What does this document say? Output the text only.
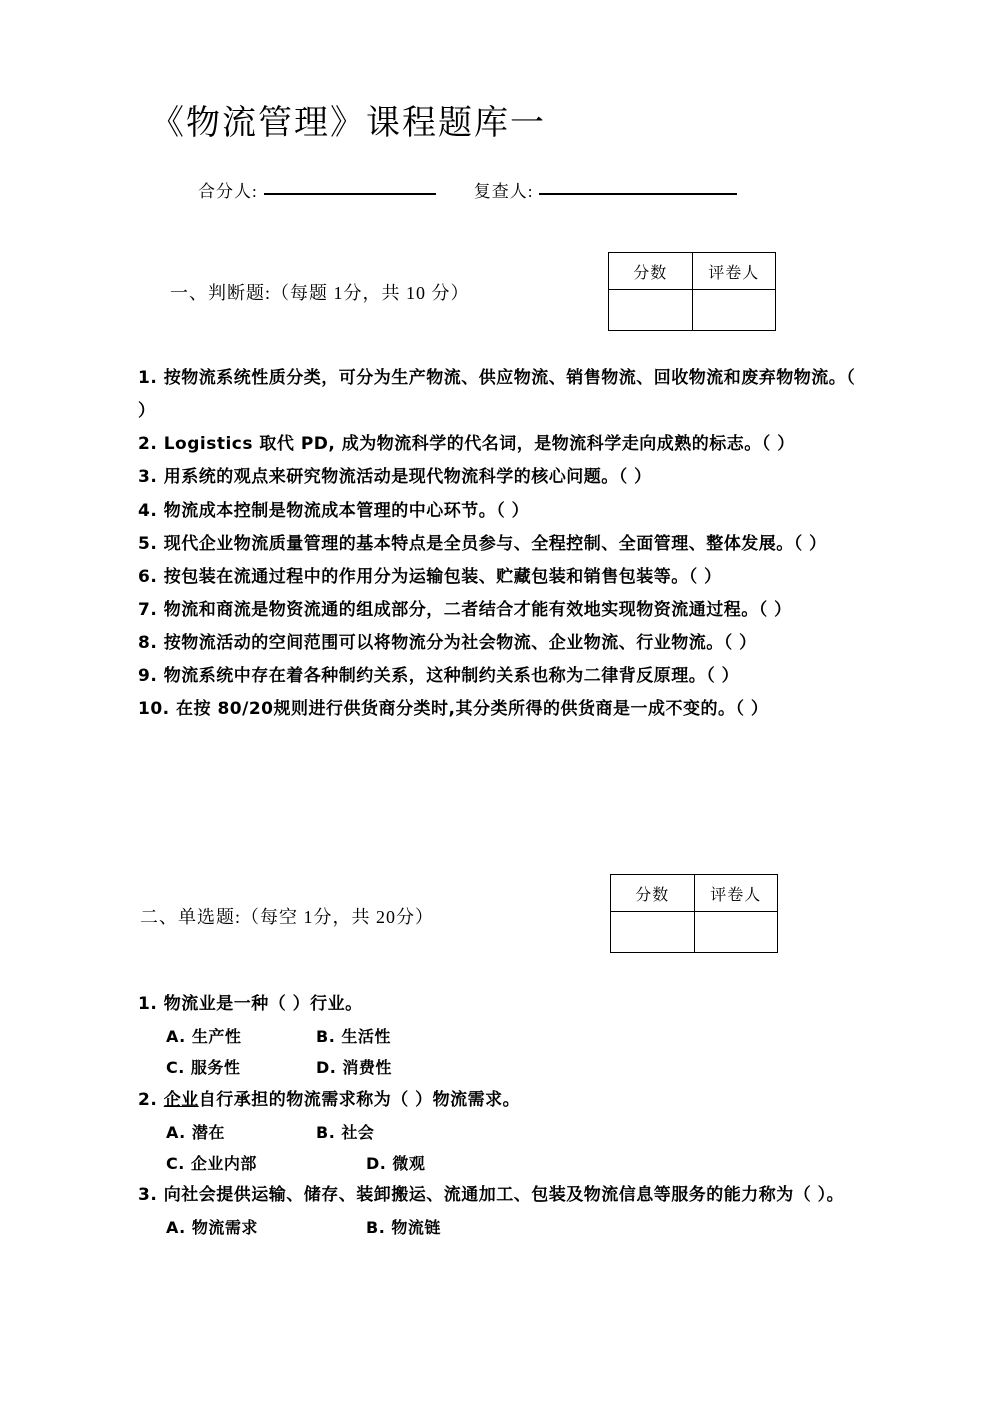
《物流管理》课程题库一
合分人:	复查人:
分数	评卷人

一、判断题:（每题 1分，共 10 分）
1. 按物流系统性质分类，可分为生产物流、供应物流、销售物流、回收物流和废弃物物流。（ ）
2. Logistics 取代 PD, 成为物流科学的代名词，是物流科学走向成熟的标志。（ ）
3. 用系统的观点来研究物流活动是现代物流科学的核心问题。（ ）
4. 物流成本控制是物流成本管理的中心环节。（ ）
5. 现代企业物流质量管理的基本特点是全员参与、全程控制、全面管理、整体发展。（ ）
6. 按包装在流通过程中的作用分为运输包装、贮藏包装和销售包装等。（ ）
7. 物流和商流是物资流通的组成部分，二者结合才能有效地实现物资流通过程。（ ）
8. 按物流活动的空间范围可以将物流分为社会物流、企业物流、行业物流。（ ）
9. 物流系统中存在着各种制约关系，这种制约关系也称为二律背反原理。（ ）
10. 在按 80/20规则进行供货商分类时,其分类所得的供货商是一成不变的。（ ）
分数	评卷人

二、单选题:（每空 1分，共 20分）
1. 物流业是一种（ ）行业。
A. 生产性	B. 生活性
C. 服务性	D. 消费性
2. 企业自行承担的物流需求称为（ ）物流需求。
A. 潜在	B. 社会
C. 企业内部	D. 微观
3. 向社会提供运输、储存、装卸搬运、流通加工、包装及物流信息等服务的能力称为（ ）。
A. 物流需求	B. 物流链
